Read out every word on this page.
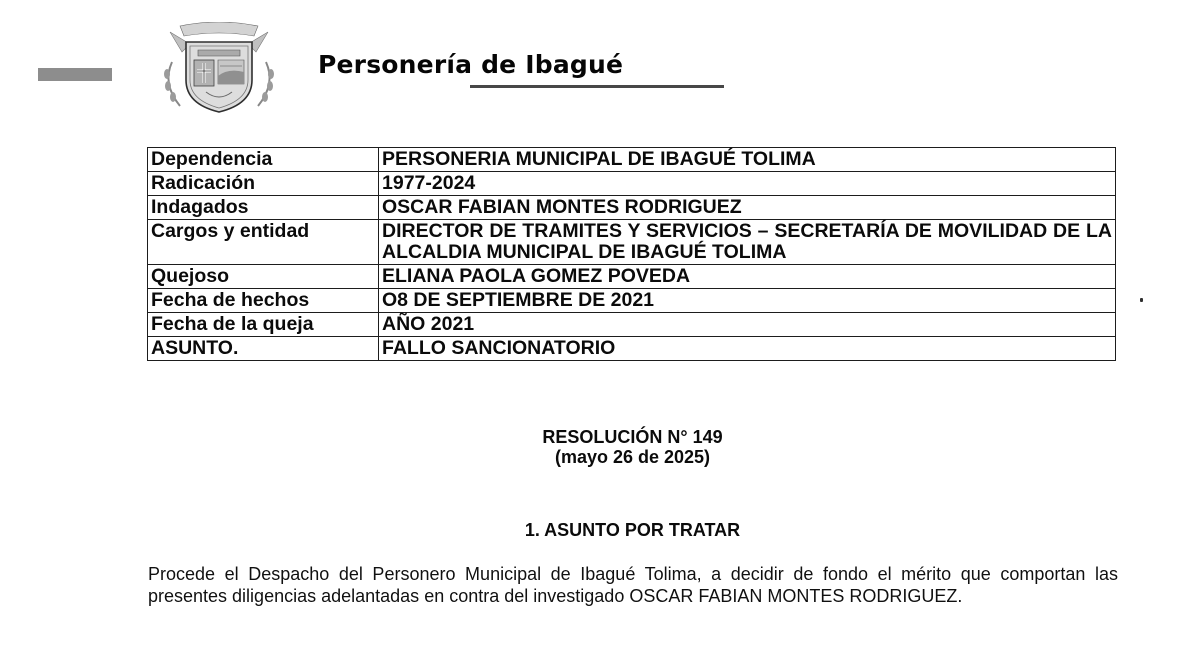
Personería de Ibagué
Dependencia	PERSONERIA MUNICIPAL DE IBAGUÉ TOLIMA
Radicación	1977-2024
Indagados	OSCAR FABIAN MONTES RODRIGUEZ
Cargos y entidad	DIRECTOR DE TRAMITES Y SERVICIOS – SECRETARÍA DE MOVILIDAD DE LA ALCALDIA MUNICIPAL DE IBAGUÉ TOLIMA
Quejoso	ELIANA PAOLA GOMEZ POVEDA
Fecha de hechos	O8 DE SEPTIEMBRE DE 2021
Fecha de la queja	AÑO 2021
ASUNTO.	FALLO SANCIONATORIO
RESOLUCIÓN N° 149
(mayo 26 de 2025)
1. ASUNTO POR TRATAR
Procede el Despacho del Personero Municipal de Ibagué Tolima, a decidir de fondo el mérito que comportan las presentes diligencias adelantadas en contra del investigado OSCAR FABIAN MONTES RODRIGUEZ.
